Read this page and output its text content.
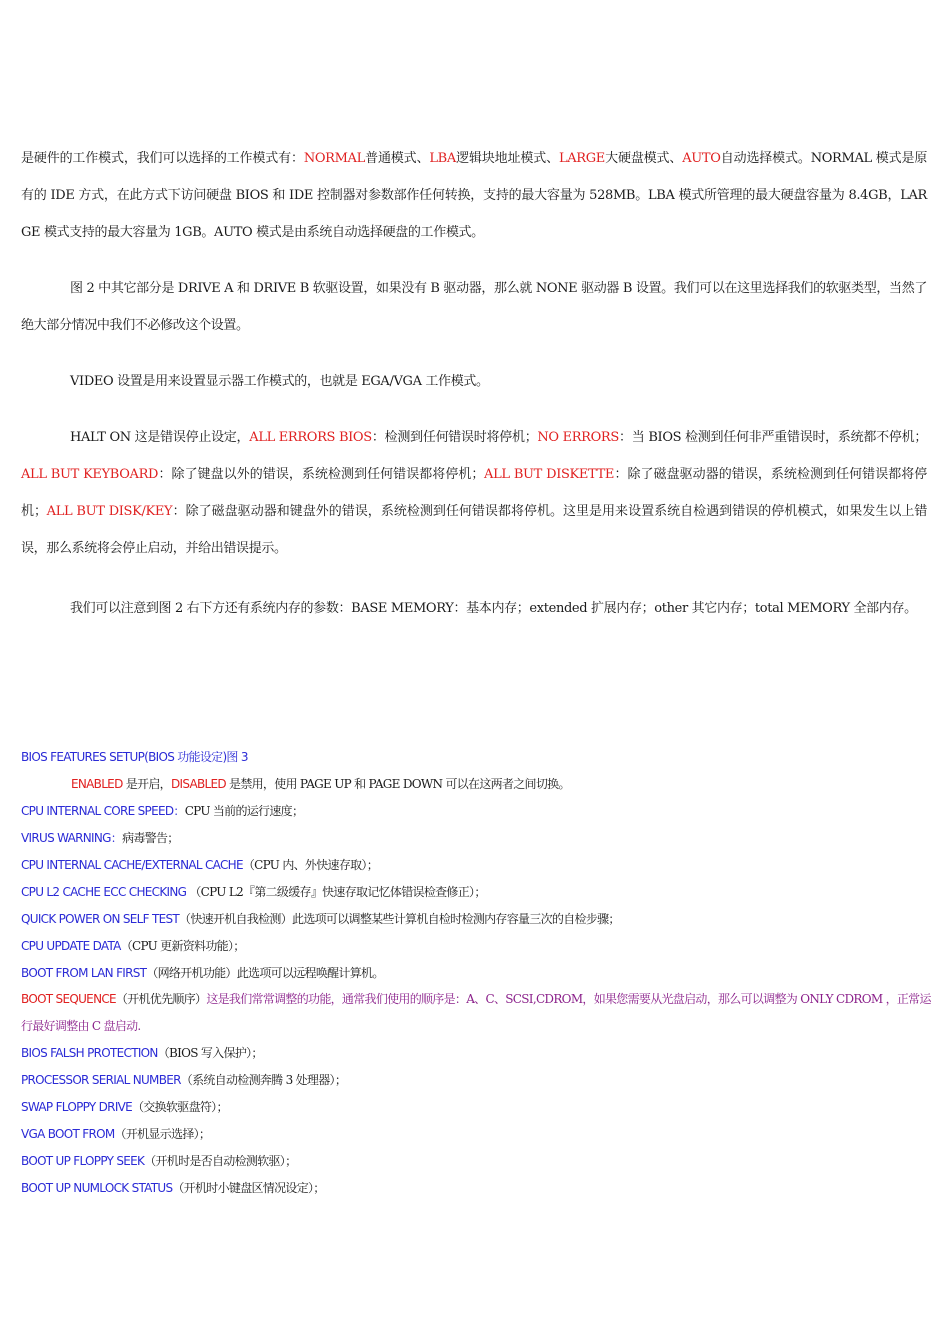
是硬件的工作模式，我们可以选择的工作模式有：NORMAL普通模式、LBA逻辑块地址模式、LARGE大硬盘模式、AUTO自动选择模式。NORMAL 模式是原有的 IDE 方式，在此方式下访问硬盘 BIOS 和 IDE 控制器对参数部作任何转换，支持的最大容量为 528MB。LBA 模式所管理的最大硬盘容量为 8.4GB，LARGE 模式支持的最大容量为 1GB。AUTO 模式是由系统自动选择硬盘的工作模式。

图 2 中其它部分是 DRIVE A 和 DRIVE B 软驱设置，如果没有 B 驱动器，那么就 NONE 驱动器 B 设置。我们可以在这里选择我们的软驱类型，当然了绝大部分情况中我们不必修改这个设置。

VIDEO 设置是用来设置显示器工作模式的，也就是 EGA/VGA 工作模式。

HALT ON 这是错误停止设定，ALL ERRORS BIOS：检测到任何错误时将停机；NO ERRORS：当 BIOS 检测到任何非严重错误时，系统都不停机；ALL BUT KEYBOARD：除了键盘以外的错误，系统检测到任何错误都将停机；ALL BUT DISKETTE：除了磁盘驱动器的错误，系统检测到任何错误都将停机；ALL BUT DISK/KEY：除了磁盘驱动器和键盘外的错误，系统检测到任何错误都将停机。这里是用来设置系统自检遇到错误的停机模式，如果发生以上错误，那么系统将会停止启动，并给出错误提示。

我们可以注意到图 2 右下方还有系统内存的参数：BASE MEMORY：基本内存；extended 扩展内存；other 其它内存；total MEMORY 全部内存。

BIOS FEATURES SETUP(BIOS 功能设定)图 3

ENABLED 是开启，DISABLED 是禁用，使用 PAGE UP 和 PAGE DOWN 可以在这两者之间切换。

CPU INTERNAL CORE SPEED：CPU 当前的运行速度；

VIRUS WARNING：病毒警告；

CPU INTERNAL CACHE/EXTERNAL CACHE（CPU 内、外快速存取）；

CPU L2 CACHE ECC CHECKING （CPU L2『第二级缓存』快速存取记忆体错误检查修正）；

QUICK POWER ON SELF TEST（快速开机自我检测）此选项可以调整某些计算机自检时检测内存容量三次的自检步骤；

CPU UPDATE DATA（CPU 更新资料功能）；

BOOT FROM LAN FIRST（网络开机功能）此选项可以远程唤醒计算机。

BOOT SEQUENCE（开机优先顺序）这是我们常常调整的功能，通常我们使用的顺序是：A、C、SCSI,CDROM，如果您需要从光盘启动，那么可以调整为 ONLY CDROM ，正常运行最好调整由 C 盘启动.

BIOS FALSH PROTECTION（BIOS 写入保护）；

PROCESSOR SERIAL NUMBER（系统自动检测奔腾 3 处理器）；

SWAP FLOPPY DRIVE（交换软驱盘符）；

VGA BOOT FROM（开机显示选择）；

BOOT UP FLOPPY SEEK（开机时是否自动检测软驱）；

BOOT UP NUMLOCK STATUS（开机时小键盘区情况设定）；
